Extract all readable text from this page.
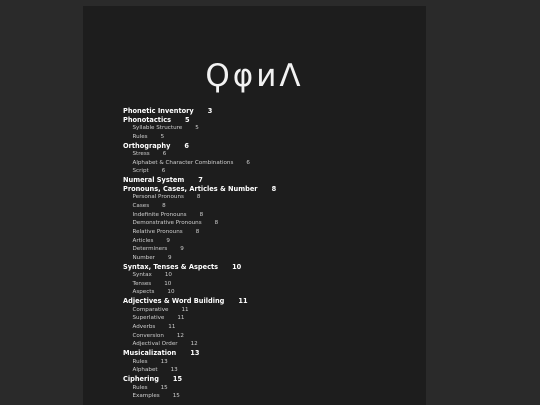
ϘφиΛ
Phonetic Inventory 3
Phonotactics 5
Syllable Structure 5
Rules 5
Orthography 6
Stress 6
Alphabet & Character Combinations 6
Script 6
Numeral System 7
Pronouns, Cases, Articles & Number 8
Personal Pronouns 8
Cases 8
Indefinite Pronouns 8
Demonstrative Pronouns 8
Relative Pronouns 8
Articles 9
Determiners 9
Number 9
Syntax, Tenses & Aspects 10
Syntax 10
Tenses 10
Aspects 10
Adjectives & Word Building 11
Comparative 11
Superlative 11
Adverbs 11
Conversion 12
Adjectival Order 12
Musicalization 13
Rules 13
Alphabet 13
Ciphering 15
Rules 15
Examples 15
